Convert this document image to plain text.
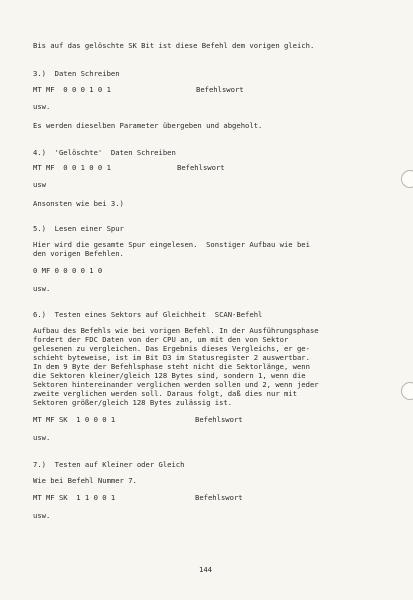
Bis auf das gelöschte SK Bit ist diese Befehl dem vorigen gleich.
3.)  Daten Schreiben
MT MF  0 0 0 1 0 1	Befehlswort
usw.
Es werden dieselben Parameter übergeben und abgeholt.
4.)  'Gelöschte'  Daten Schreiben
MT MF  0 0 1 0 0 1	Befehlswort
usw
Ansonsten wie bei 3.)
5.)  Lesen einer Spur
Hier wird die gesamte Spur eingelesen.  Sonstiger Aufbau wie bei
den vorigen Befehlen.
0 MF 0 0 0 0 1 0
usw.
6.)  Testen eines Sektors auf Gleichheit  SCAN-Befehl
Aufbau des Befehls wie bei vorigen Befehl. In der Ausführungsphase
fordert der FDC Daten von der CPU an, um mit den von Sektor
gelesenen zu vergleichen. Das Ergebnis dieses Vergleichs, er ge-
schieht byteweise, ist im Bit D3 im Statusregister 2 auswertbar.
In dem 9 Byte der Befehlsphase steht nicht die Sektorlänge, wenn
die Sektoren kleiner/gleich 128 Bytes sind, sondern 1, wenn die
Sektoren hintereinander verglichen werden sollen und 2, wenn jeder
zweite verglichen werden soll. Daraus folgt, daß dies nur mit
Sektoren größer/gleich 128 Bytes zulässig ist.
MT MF SK  1 0 0 0 1	Befehlswort
usw.
7.)  Testen auf Kleiner oder Gleich
Wie bei Befehl Nummer 7.
MT MF SK  1 1 0 0 1	Befehlswort
usw.
144
